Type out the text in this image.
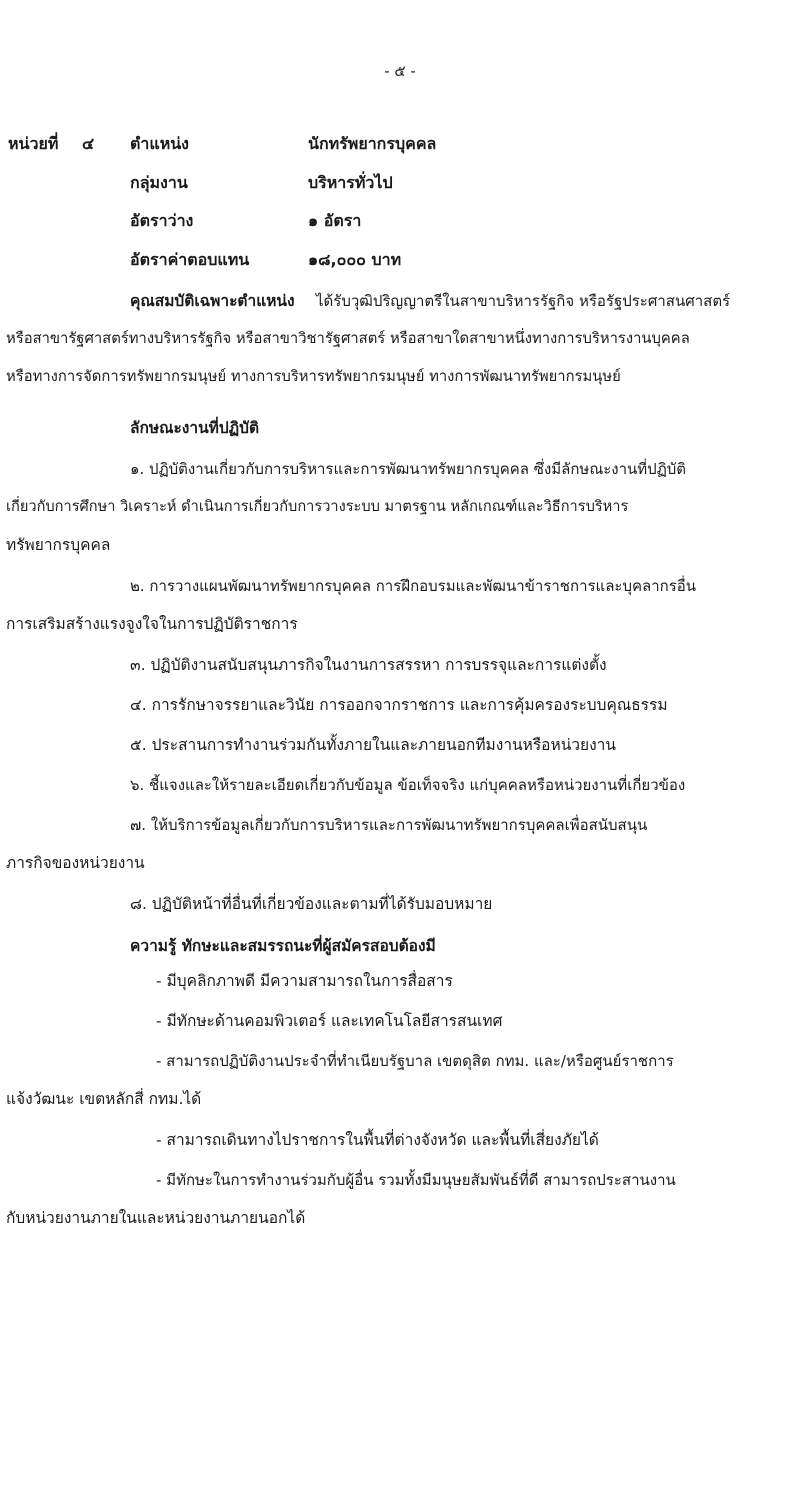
- ๕ -
หน่วยที่ ๔ ตำแหน่ง	นักทรัพยากรบุคคล
กลุ่มงาน	บริหารทั่วไป
อัตราว่าง	๑ อัตรา
อัตราค่าตอบแทน	๑๘,๐๐๐ บาท
คุณสมบัติเฉพาะตำแหน่ง ได้รับวุฒิปริญญาตรีในสาขาบริหารรัฐกิจ หรือรัฐประศาสนศาสตร์
หรือสาขารัฐศาสตร์ทางบริหารรัฐกิจ หรือสาขาวิชารัฐศาสตร์ หรือสาขาใดสาขาหนึ่งทางการบริหารงานบุคคล
หรือทางการจัดการทรัพยากรมนุษย์ ทางการบริหารทรัพยากรมนุษย์ ทางการพัฒนาทรัพยากรมนุษย์
ลักษณะงานที่ปฏิบัติ
๑. ปฏิบัติงานเกี่ยวกับการบริหารและการพัฒนาทรัพยากรบุคคล ซึ่งมีลักษณะงานที่ปฏิบัติ
เกี่ยวกับการศึกษา วิเคราะห์ ดำเนินการเกี่ยวกับการวางระบบ มาตรฐาน หลักเกณฑ์และวิธีการบริหาร
ทรัพยากรบุคคล
๒. การวางแผนพัฒนาทรัพยากรบุคคล การฝึกอบรมและพัฒนาข้าราชการและบุคลากรอื่น
การเสริมสร้างแรงจูงใจในการปฏิบัติราชการ
๓. ปฏิบัติงานสนับสนุนภารกิจในงานการสรรหา การบรรจุและการแต่งตั้ง
๔. การรักษาจรรยาและวินัย การออกจากราชการ และการคุ้มครองระบบคุณธรรม
๕. ประสานการทำงานร่วมกันทั้งภายในและภายนอกทีมงานหรือหน่วยงาน
๖. ชี้แจงและให้รายละเอียดเกี่ยวกับข้อมูล ข้อเท็จจริง แก่บุคคลหรือหน่วยงานที่เกี่ยวข้อง
๗. ให้บริการข้อมูลเกี่ยวกับการบริหารและการพัฒนาทรัพยากรบุคคลเพื่อสนับสนุน
ภารกิจของหน่วยงาน
๘. ปฏิบัติหน้าที่อื่นที่เกี่ยวข้องและตามที่ได้รับมอบหมาย
ความรู้ ทักษะและสมรรถนะที่ผู้สมัครสอบต้องมี
- มีบุคลิกภาพดี มีความสามารถในการสื่อสาร
- มีทักษะด้านคอมพิวเตอร์ และเทคโนโลยีสารสนเทศ
- สามารถปฏิบัติงานประจำที่ทำเนียบรัฐบาล เขตดุสิต กทม. และ/หรือศูนย์ราชการ
แจ้งวัฒนะ เขตหลักสี่ กทม.ได้
- สามารถเดินทางไปราชการในพื้นที่ต่างจังหวัด และพื้นที่เสี่ยงภัยได้
- มีทักษะในการทำงานร่วมกับผู้อื่น รวมทั้งมีมนุษยสัมพันธ์ที่ดี สามารถประสานงาน
กับหน่วยงานภายในและหน่วยงานภายนอกได้
